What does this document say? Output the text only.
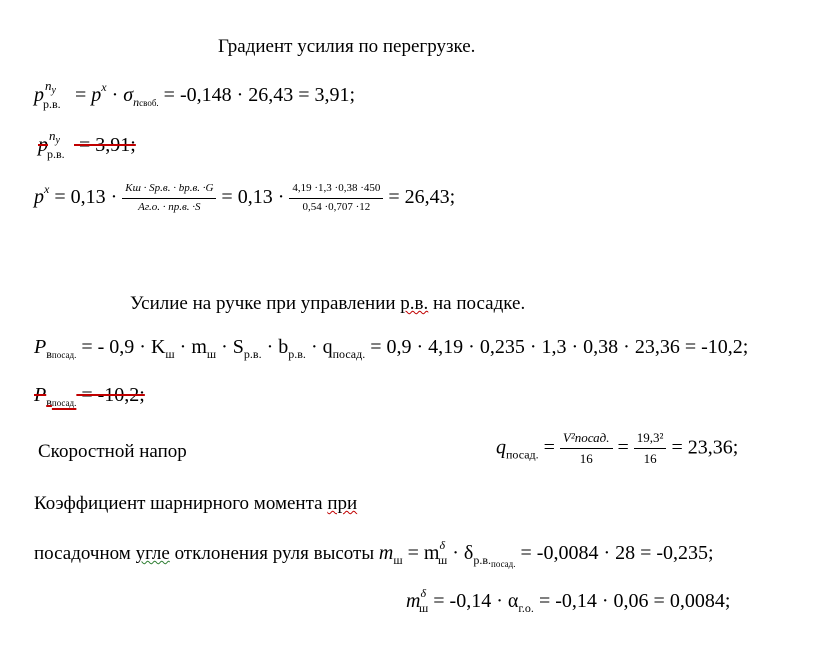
Градиент усилия по перегрузке.
p $n_y$
р.в. = $p^x \cdot \sigma_{nсвоб.} = -0,148 \cdot 26,43 = 3,91$;
p $n_y$
р.в. = 3,91;
$p^x = 0,13 \cdot \frac{Kш \cdot Sр.в. \cdot bр.в. \cdot G}{Aг.о. \cdot nр.в. \cdot S} = 0,13 \cdot \frac{4,19 \cdot 1,3 \cdot 0,38 \cdot 450}{0,54 \cdot 0,707 \cdot 12} = 26,43$;
Усилие на ручке при управлении р.в. на посадке.
$P_{впосад.}$ = - $0,9 \cdot K_ш \cdot m_ш \cdot S_{р.в.} \cdot b_{р.в.} \cdot q_{посад.} = 0,9 \cdot 4,19 \cdot 0,235 \cdot 1,3 \cdot 0,38 \cdot 23,36 = -10,2$;
$P_{впосад.} = -10,2$;
Скоростной напор	$q_{посад.} = \frac{\text{V²посад.}}{16} = \frac{\text{19,3²}}{16} = 23,36$;
Коэффициент шарнирного момента при
посадочном угле отклонения руля высоты $m_ш = m^\delta_ш \cdot \delta_{р.в._{посад.}} = -0,0084 \cdot 28 = -0,235$;
$m^\delta_ш = -0,14 \cdot \alpha_{г.о.} = -0,14 \cdot 0,06 = 0,0084$;
